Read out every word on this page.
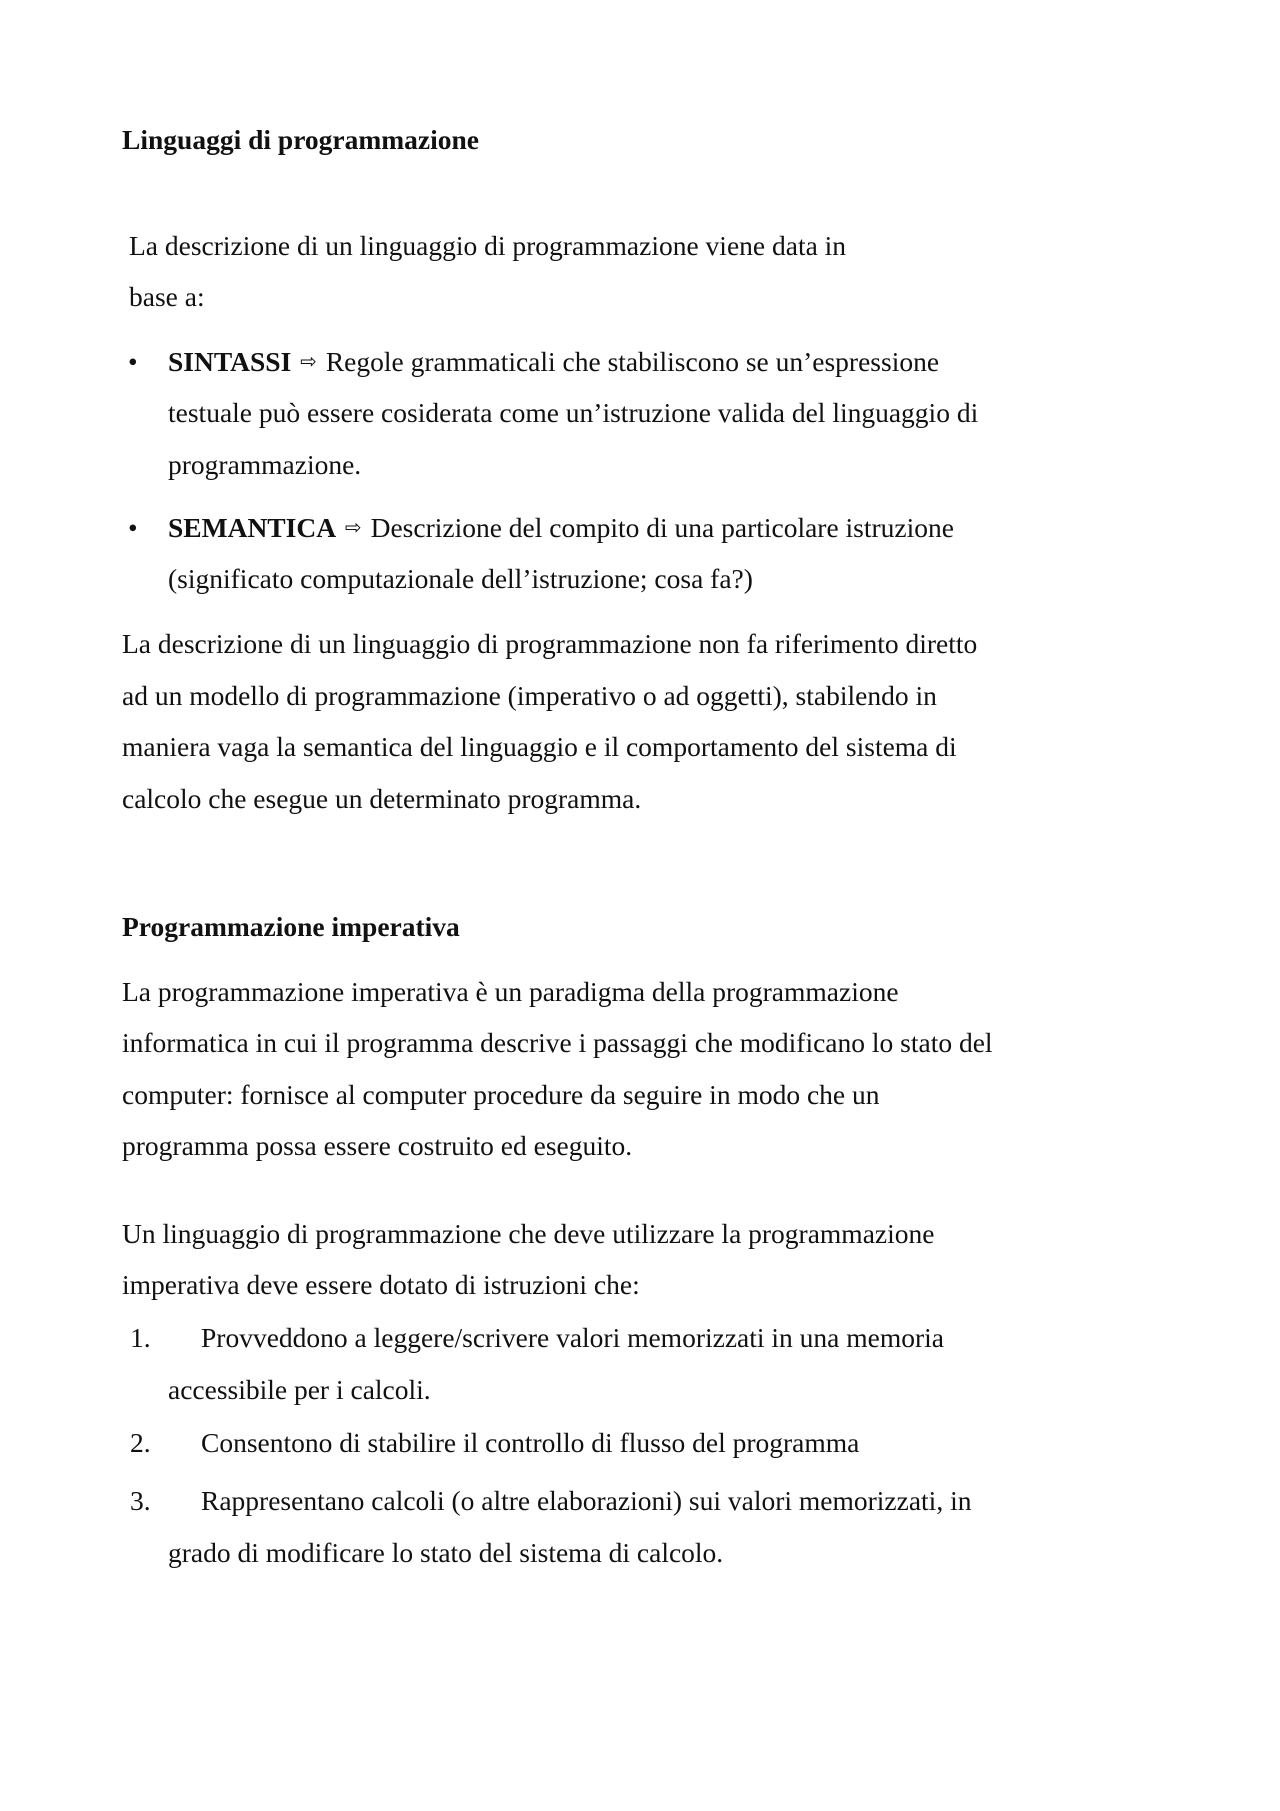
Linguaggi di programmazione
La descrizione di un linguaggio di programmazione viene data in
base a:
• SINTASSI ⇨ Regole grammaticali che stabiliscono se un’espressione
testuale può essere cosiderata come un’istruzione valida del linguaggio di
programmazione.
• SEMANTICA ⇨ Descrizione del compito di una particolare istruzione
(significato computazionale dell’istruzione; cosa fa?)
La descrizione di un linguaggio di programmazione non fa riferimento diretto
ad un modello di programmazione (imperativo o ad oggetti), stabilendo in
maniera vaga la semantica del linguaggio e il comportamento del sistema di
calcolo che esegue un determinato programma.
Programmazione imperativa
La programmazione imperativa è un paradigma della programmazione
informatica in cui il programma descrive i passaggi che modificano lo stato del
computer: fornisce al computer procedure da seguire in modo che un
programma possa essere costruito ed eseguito.
Un linguaggio di programmazione che deve utilizzare la programmazione
imperativa deve essere dotato di istruzioni che:
1. Provveddono a leggere/scrivere valori memorizzati in una memoria
accessibile per i calcoli.
2. Consentono di stabilire il controllo di flusso del programma
3. Rappresentano calcoli (o altre elaborazioni) sui valori memorizzati, in
grado di modificare lo stato del sistema di calcolo.
